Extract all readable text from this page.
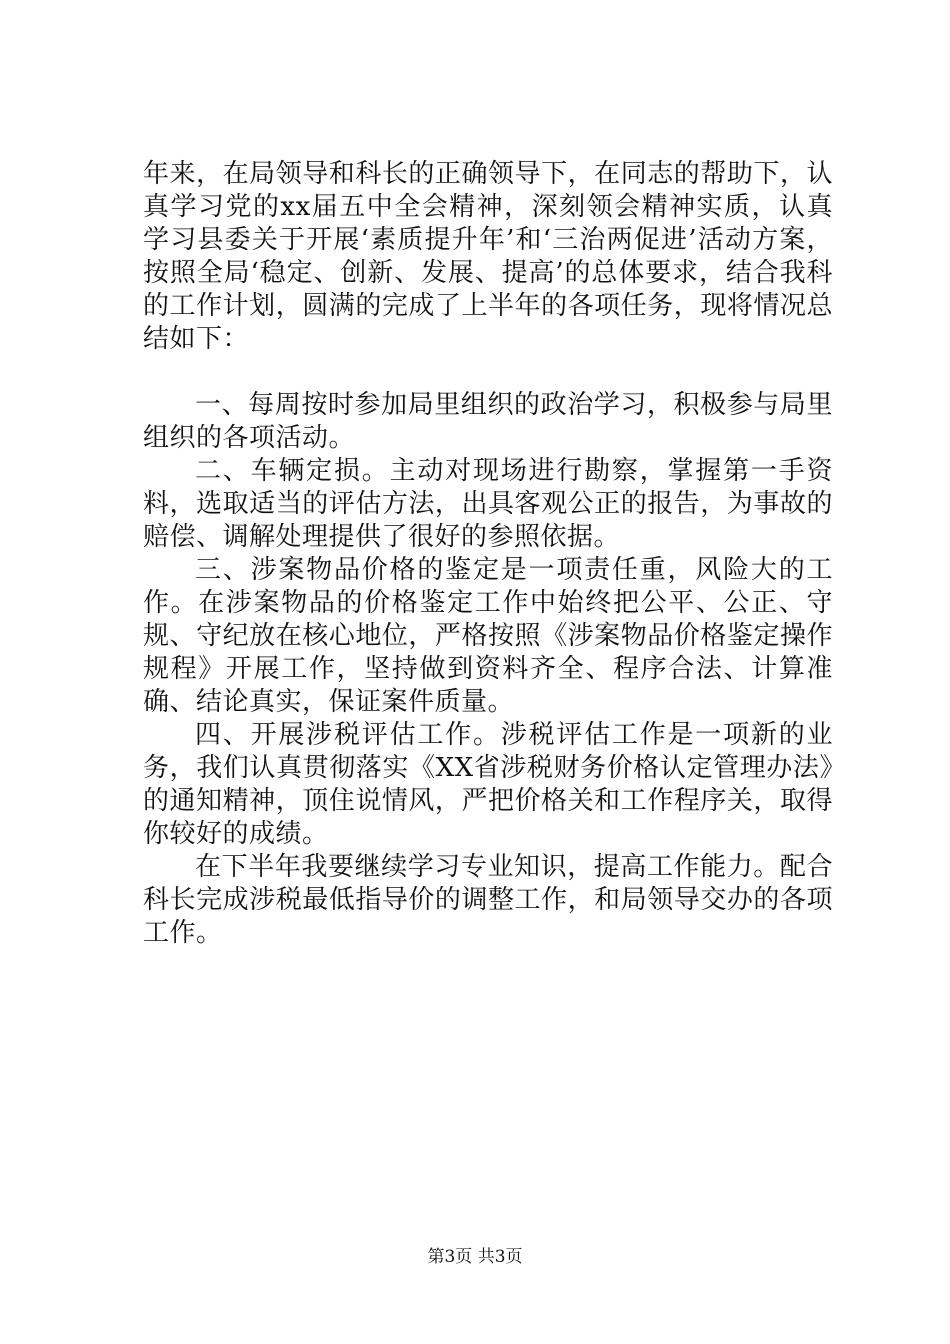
年来，在局领导和科长的正确领导下，在同志的帮助下，认真学习党的xx届五中全会精神，深刻领会精神实质，认真学习县委关于开展‘素质提升年’和‘三治两促进’活动方案，按照全局‘稳定、创新、发展、提高’的总体要求，结合我科的工作计划，圆满的完成了上半年的各项任务，现将情况总结如下：

一、每周按时参加局里组织的政治学习，积极参与局里组织的各项活动。

二、车辆定损。主动对现场进行勘察，掌握第一手资料，选取适当的评估方法，出具客观公正的报告，为事故的赔偿、调解处理提供了很好的参照依据。

三、涉案物品价格的鉴定是一项责任重，风险大的工作。在涉案物品的价格鉴定工作中始终把公平、公正、守规、守纪放在核心地位，严格按照《涉案物品价格鉴定操作规程》开展工作，坚持做到资料齐全、程序合法、计算准确、结论真实，保证案件质量。

四、开展涉税评估工作。涉税评估工作是一项新的业务，我们认真贯彻落实《XX省涉税财务价格认定管理办法》的通知精神，顶住说情风，严把价格关和工作程序关，取得你较好的成绩。

在下半年我要继续学习专业知识，提高工作能力。配合科长完成涉税最低指导价的调整工作，和局领导交办的各项工作。

第3页 共3页
